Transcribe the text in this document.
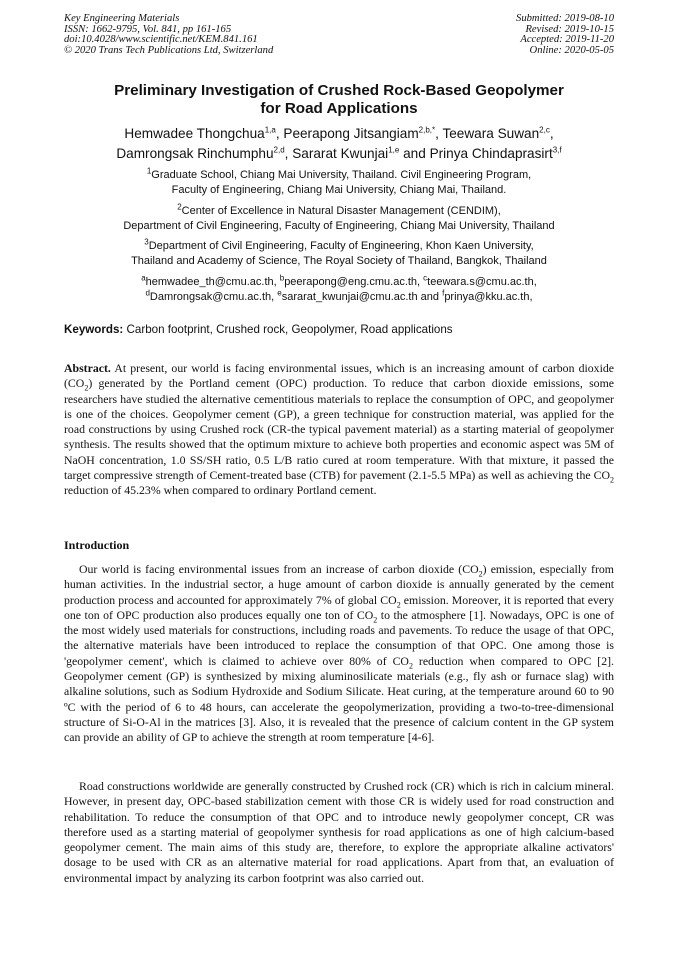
Key Engineering Materials
ISSN: 1662-9795, Vol. 841, pp 161-165
doi:10.4028/www.scientific.net/KEM.841.161
© 2020 Trans Tech Publications Ltd, Switzerland
Submitted: 2019-08-10
Revised: 2019-10-15
Accepted: 2019-11-20
Online: 2020-05-05
Preliminary Investigation of Crushed Rock-Based Geopolymer
for Road Applications
Hemwadee Thongchua$^{1,a}$, Peerapong Jitsangiam$^{2,b,*}$, Teewara Suwan$^{2,c}$,
Damrongsak Rinchumphu$^{2,d}$, Sararat Kwunjai$^{1,e}$ and Prinya Chindaprasirt$^{3,f}$
$^1$Graduate School, Chiang Mai University, Thailand. Civil Engineering Program,
Faculty of Engineering, Chiang Mai University, Chiang Mai, Thailand.
$^2$Center of Excellence in Natural Disaster Management (CENDIM),
Department of Civil Engineering, Faculty of Engineering, Chiang Mai University, Thailand
$^3$Department of Civil Engineering, Faculty of Engineering, Khon Kaen University,
Thailand and Academy of Science, The Royal Society of Thailand, Bangkok, Thailand
$^a$hemwadee_th@cmu.ac.th, $^b$peerapong@eng.cmu.ac.th, $^c$teewara.s@cmu.ac.th,
$^d$Damrongsak@cmu.ac.th, $^e$sararat_kwunjai@cmu.ac.th and $^f$prinya@kku.ac.th,
Keywords: Carbon footprint, Crushed rock, Geopolymer, Road applications
Abstract. At present, our world is facing environmental issues, which is an increasing amount of carbon dioxide $(CO_2)$ generated by the Portland cement (OPC) production. To reduce that carbon dioxide emissions, some researchers have studied the alternative cementitious materials to replace the consumption of OPC, and geopolymer is one of the choices. Geopolymer cement (GP), a green technique for construction material, was applied for the road constructions by using Crushed rock (CR-the typical pavement material) as a starting material of geopolymer synthesis. The results showed that the optimum mixture to achieve both properties and economic aspect was 5M of NaOH concentration, 1.0 SS/SH ratio, 0.5 L/B ratio cured at room temperature. With that mixture, it passed the target compressive strength of Cement-treated base (CTB) for pavement (2.1-5.5 MPa) as well as achieving the $CO_2$ reduction of 45.23% when compared to ordinary Portland cement.
Introduction
Our world is facing environmental issues from an increase of carbon dioxide $(CO_2)$ emission, especially from human activities. In the industrial sector, a huge amount of carbon dioxide is annually generated by the cement production process and accounted for approximately 7% of global $CO_2$ emission. Moreover, it is reported that every one ton of OPC production also produces equally one ton of $CO_2$ to the atmosphere [1]. Nowadays, OPC is one of the most widely used materials for constructions, including roads and pavements. To reduce the usage of that OPC, the alternative materials have been introduced to replace the consumption of that OPC. One among those is 'geopolymer cement', which is claimed to achieve over 80% of $CO_2$ reduction when compared to OPC [2]. Geopolymer cement (GP) is synthesized by mixing aluminosilicate materials (e.g., fly ash or furnace slag) with alkaline solutions, such as Sodium Hydroxide and Sodium Silicate. Heat curing, at the temperature around 60 to 90 ºC with the period of 6 to 48 hours, can accelerate the geopolymerization, providing a two-to-tree-dimensional structure of Si-O-Al in the matrices [3]. Also, it is revealed that the presence of calcium content in the GP system can provide an ability of GP to achieve the strength at room temperature [4-6].
Road constructions worldwide are generally constructed by Crushed rock (CR) which is rich in calcium mineral. However, in present day, OPC-based stabilization cement with those CR is widely used for road construction and rehabilitation. To reduce the consumption of that OPC and to introduce newly geopolymer concept, CR was therefore used as a starting material of geopolymer synthesis for road applications as one of high calcium-based geopolymer cement. The main aims of this study are, therefore, to explore the appropriate alkaline activators' dosage to be used with CR as an alternative material for road applications. Apart from that, an evaluation of environmental impact by analyzing its carbon footprint was also carried out.
